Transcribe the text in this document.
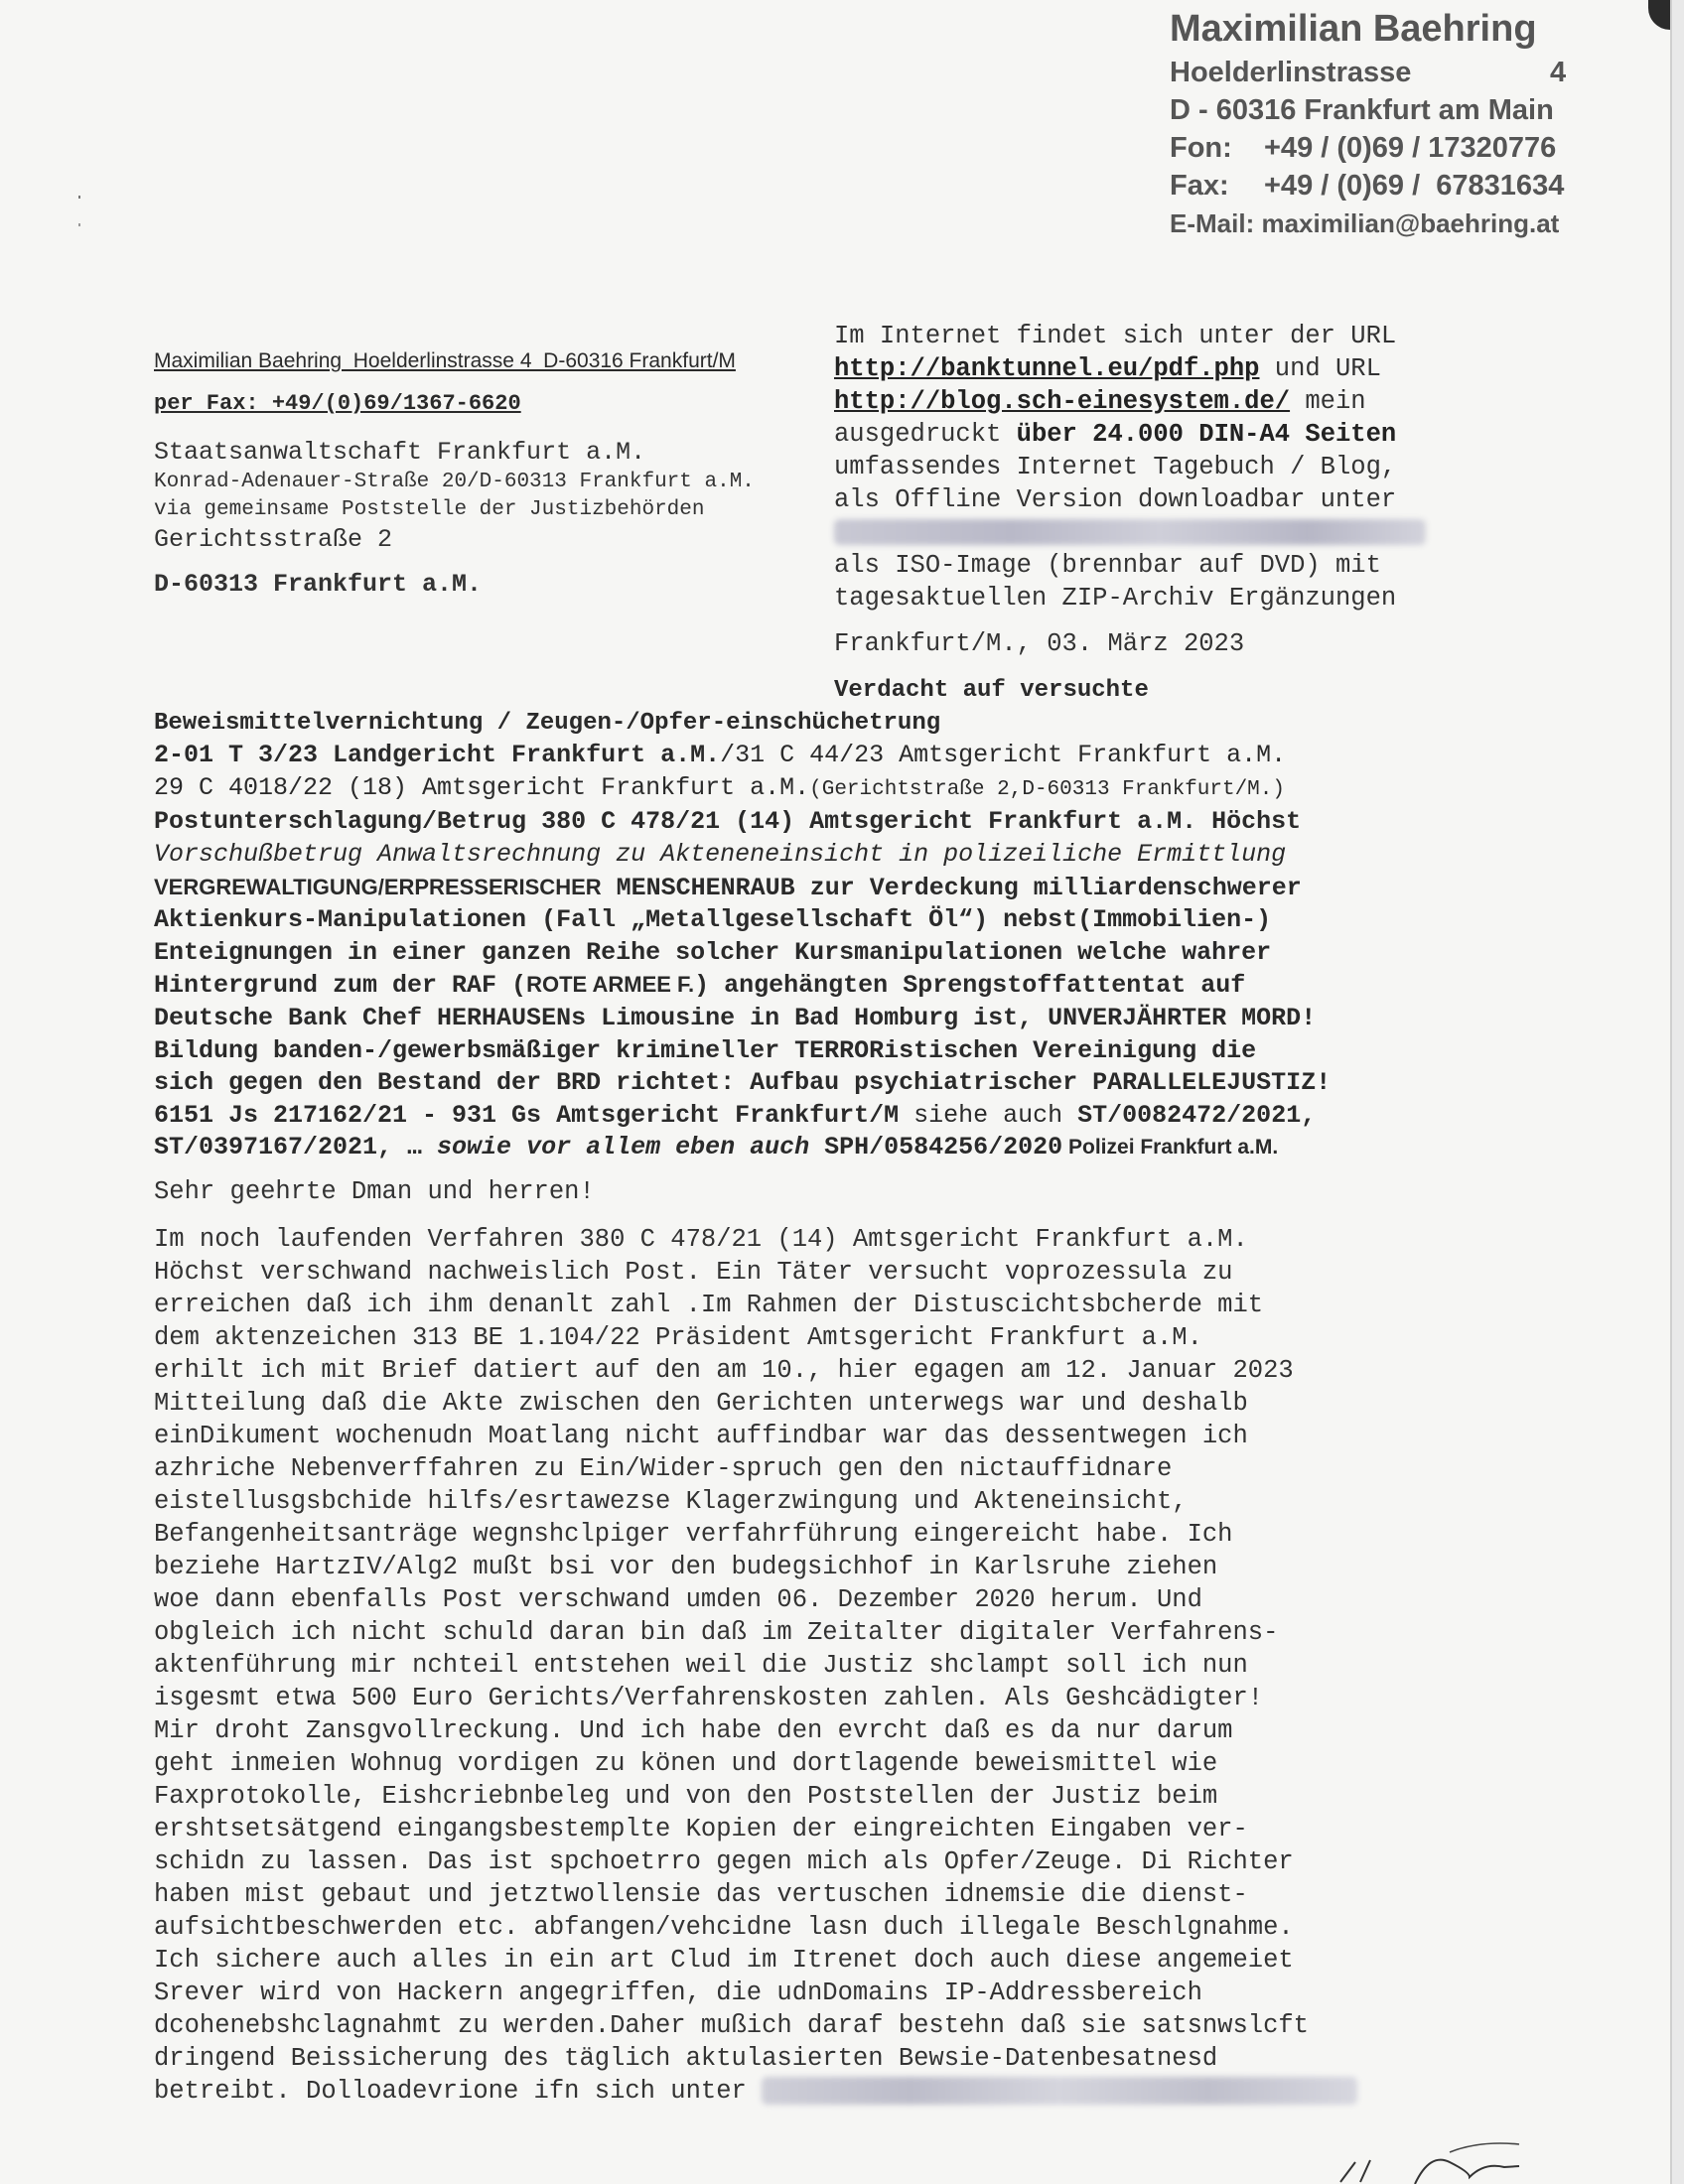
Maximilian Baehring
Hoelderlinstrasse	4
D - 60316 Frankfurt am Main
Fon: +49 / (0)69 / 17320776
Fax: +49 / (0)69 /  67831634
E-Mail: maximilian@baehring.at
Maximilian Baehring  Hoelderlinstrasse 4  D-60316 Frankfurt/M
per Fax: +49/(0)69/1367-6620
Staatsanwaltschaft Frankfurt a.M.
Konrad-Adenauer-Straße 20/D-60313 Frankfurt a.M.
via gemeinsame Poststelle der Justizbehörden
Gerichtsstraße 2
D-60313 Frankfurt a.M.
Im Internet findet sich unter der URL
http://banktunnel.eu/pdf.php und URL
http://blog.sch-einesystem.de/ mein
ausgedruckt über 24.000 DIN-A4 Seiten
umfassendes Internet Tagebuch / Blog,
als Offline Version downloadbar unter
als ISO-Image (brennbar auf DVD) mit
tagesaktuellen ZIP-Archiv Ergänzungen
Frankfurt/M., 03. März 2023

Verdacht auf versuchte

Beweismittelvernichtung / Zeugen-/Opfer-einschüchetrung

2-01 T 3/23 Landgericht Frankfurt a.M./31 C 44/23 Amtsgericht Frankfurt a.M.

29 C 4018/22 (18) Amtsgericht Frankfurt a.M.(Gerichtstraße 2,D-60313 Frankfurt/M.)

Postunterschlagung/Betrug 380 C 478/21 (14) Amtsgericht Frankfurt a.M. Höchst

Vorschußbetrug Anwaltsrechnung zu Akteneneinsicht in polizeiliche Ermittlung

VERGREWALTIGUNG/ERPRESSERISCHER MENSCHENRAUB zur Verdeckung milliardenschwerer

Aktienkurs-Manipulationen (Fall „Metallgesellschaft Öl“) nebst(Immobilien-)

Enteignungen in einer ganzen Reihe solcher Kursmanipulationen welche wahrer

Hintergrund zum der RAF (ROTE ARMEE F.) angehängten Sprengstoffattentat auf

Deutsche Bank Chef HERHAUSENs Limousine in Bad Homburg ist, UNVERJÄHRTER MORD!

Bildung banden-/gewerbsmäßiger krimineller TERRORistischen Vereinigung die

sich gegen den Bestand der BRD richtet: Aufbau psychiatrischer PARALLELEJUSTIZ!

6151 Js 217162/21 - 931 Gs Amtsgericht Frankfurt/M siehe auch ST/0082472/2021,

ST/0397167/2021, … sowie vor allem eben auch SPH/0584256/2020 Polizei Frankfurt a.M.

Sehr geehrte Dman und herren!

Im noch laufenden Verfahren 380 C 478/21 (14) Amtsgericht Frankfurt a.M.

Höchst verschwand nachweislich Post. Ein Täter versucht voprozessula zu

erreichen daß ich ihm denanlt zahl .Im Rahmen der Distuscichtsbcherde mit

dem aktenzeichen 313 BE 1.104/22 Präsident Amtsgericht Frankfurt a.M.

erhilt ich mit Brief datiert auf den am 10., hier egagen am 12. Januar 2023

Mitteilung daß die Akte zwischen den Gerichten unterwegs war und deshalb

einDikument wochenudn Moatlang nicht auffindbar war das dessentwegen ich

azhriche Nebenverffahren zu Ein/Wider-spruch gen den nictauffidnare

eistellusgsbchide hilfs/esrtawezse Klagerzwingung und Akteneinsicht,

Befangenheitsanträge wegnshclpiger verfahrführung eingereicht habe. Ich

beziehe HartzIV/Alg2 mußt bsi vor den budegsichhof in Karlsruhe ziehen

woe dann ebenfalls Post verschwand umden 06. Dezember 2020 herum. Und

obgleich ich nicht schuld daran bin daß im Zeitalter digitaler Verfahrens-

aktenführung mir nchteil entstehen weil die Justiz shclampt soll ich nun

isgesmt etwa 500 Euro Gerichts/Verfahrenskosten zahlen. Als Geshcädigter!

Mir droht Zansgvollreckung. Und ich habe den evrcht daß es da nur darum

geht inmeien Wohnug vordigen zu könen und dortlagende beweismittel wie

Faxprotokolle, Eishcriebnbeleg und von den Poststellen der Justiz beim

ershtsetsätgend eingangsbestemplte Kopien der eingreichten Eingaben ver-

schidn zu lassen. Das ist spchoetrro gegen mich als Opfer/Zeuge. Di Richter

haben mist gebaut und jetztwollensie das vertuschen idnemsie die dienst-

aufsichtbeschwerden etc. abfangen/vehcidne lasn duch illegale Beschlgnahme.

Ich sichere auch alles in ein art Clud im Itrenet doch auch diese angemeiet

Srever wird von Hackern angegriffen, die udnDomains IP-Addressbereich

dcohenebshclagnahmt zu werden.Daher mußich daraf bestehn daß sie satsnwslcft

dringend Beissicherung des täglich aktulasierten Bewsie-Datenbesatnesd

betreibt. Dolloadevrione ifn sich unter
